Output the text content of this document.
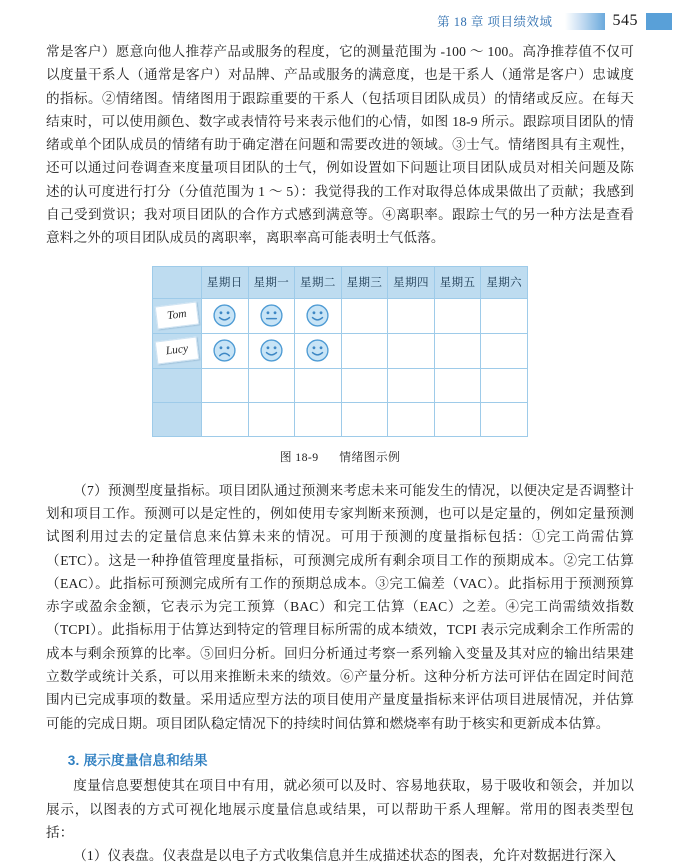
第 18 章 项目绩效域	545

常是客户）愿意向他人推荐产品或服务的程度，它的测量范围为 -100 ～ 100。高净推荐值不仅可以度量干系人（通常是客户）对品牌、产品或服务的满意度，也是干系人（通常是客户）忠诚度的指标。②情绪图。情绪图用于跟踪重要的干系人（包括项目团队成员）的情绪或反应。在每天结束时，可以使用颜色、数字或表情符号来表示他们的心情，如图 18-9 所示。跟踪项目团队的情绪或单个团队成员的情绪有助于确定潜在问题和需要改进的领域。③士气。情绪图具有主观性，还可以通过问卷调查来度量项目团队的士气，例如设置如下问题让项目团队成员对相关问题及陈述的认可度进行打分（分值范围为 1 ～ 5）：我觉得我的工作对取得总体成果做出了贡献；我感到自己受到赏识；我对项目团队的合作方式感到满意等。④离职率。跟踪士气的另一种方法是查看意料之外的项目团队成员的离职率，离职率高可能表明士气低落。

	星期日	星期一	星期二	星期三	星期四	星期五	星期六
Tom	

Lucy	

图 18-9 情绪图示例

（7）预测型度量指标。项目团队通过预测来考虑未来可能发生的情况，以便决定是否调整计划和项目工作。预测可以是定性的，例如使用专家判断来预测，也可以是定量的，例如定量预测试图利用过去的定量信息来估算未来的情况。可用于预测的度量指标包括：①完工尚需估算（ETC）。这是一种挣值管理度量指标，可预测完成所有剩余项目工作的预期成本。②完工估算（EAC）。此指标可预测完成所有工作的预期总成本。③完工偏差（VAC）。此指标用于预测预算赤字或盈余金额，它表示为完工预算（BAC）和完工估算（EAC）之差。④完工尚需绩效指数（TCPI）。此指标用于估算达到特定的管理目标所需的成本绩效，TCPI 表示完成剩余工作所需的成本与剩余预算的比率。⑤回归分析。回归分析通过考察一系列输入变量及其对应的输出结果建立数学或统计关系，可以用来推断未来的绩效。⑥产量分析。这种分析方法可评估在固定时间范围内已完成事项的数量。采用适应型方法的项目使用产量度量指标来评估项目进展情况，并估算可能的完成日期。项目团队稳定情况下的持续时间估算和燃烧率有助于核实和更新成本估算。

3. 展示度量信息和结果

度量信息要想使其在项目中有用，就必须可以及时、容易地获取，易于吸收和领会，并加以展示，以图表的方式可视化地展示度量信息或结果，可以帮助干系人理解。常用的图表类型包括：

（1）仪表盘。仪表盘是以电子方式收集信息并生成描述状态的图表，允许对数据进行深入
